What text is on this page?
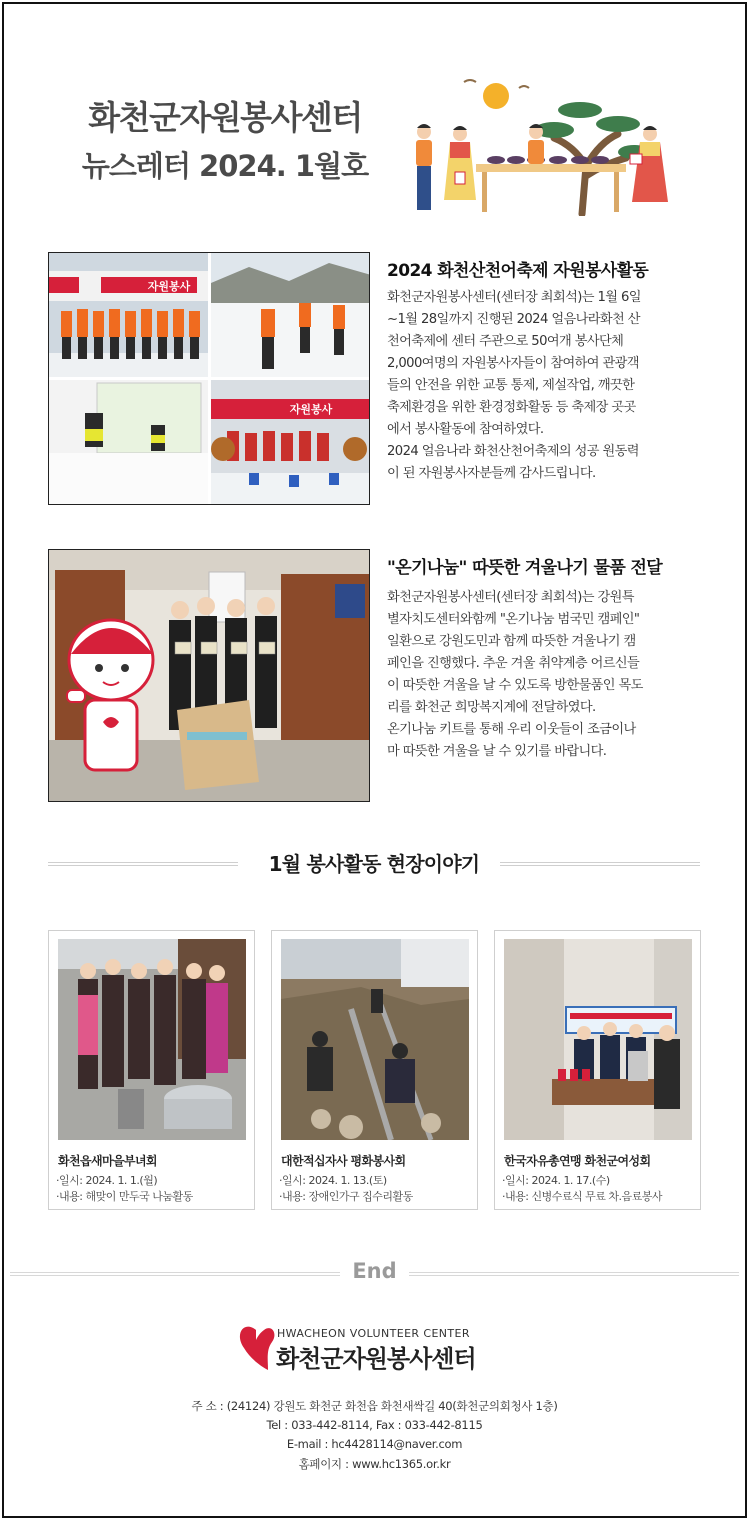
화천군자원봉사센터
뉴스레터 2024. 1월호
자원봉사
자원봉사
2024 화천산천어축제 자원봉사활동

화천군자원봉사센터(센터장 최회석)는 1월 6일

~1월 28일까지 진행된 2024 얼음나라화천 산

천어축제에 센터 주관으로 50여개 봉사단체

2,000여명의 자원봉사자들이 참여하여 관광객

들의 안전을 위한 교통 통제, 제설작업, 깨끗한

축제환경을 위한 환경정화활동 등 축제장 곳곳

에서 봉사활동에 참여하였다.

2024 얼음나라 화천산천어축제의 성공 원동력

이 된 자원봉사자분들께 감사드립니다.

"온기나눔" 따뜻한 겨울나기 물품 전달

화천군자원봉사센터(센터장 최회석)는 강원특

별자치도센터와함께 "온기나눔 범국민 캠페인"

일환으로 강원도민과 함께 따뜻한 겨울나기 캠

페인을 진행했다. 추운 겨울 취약계층 어르신들

이 따뜻한 겨울을 날 수 있도록 방한물품인 목도

리를 화천군 희망복지계에 전달하였다.

온기나눔 키트를 통해 우리 이웃들이 조금이나

마 따뜻한 겨울을 날 수 있기를 바랍니다.

1월 봉사활동 현장이야기
화천읍새마을부녀회
·일시: 2024. 1. 1.(월)
·내용: 해맞이 만두국 나눔활동
대한적십자사 평화봉사회
·일시: 2024. 1. 13.(토)
·내용: 장애인가구 집수리활동
한국자유총연맹 화천군여성회
·일시: 2024. 1. 17.(수)
·내용: 신병수료식 무료 차.음료봉사
End
HWACHEON VOLUNTEER CENTER
화천군자원봉사센터
주 소 : (24124) 강원도 화천군 화천읍 화천새싹길 40(화천군의회청사 1층)
Tel : 033-442-8114, Fax : 033-442-8115
E-mail : hc4428114@naver.com
홈페이지 : www.hc1365.or.kr
